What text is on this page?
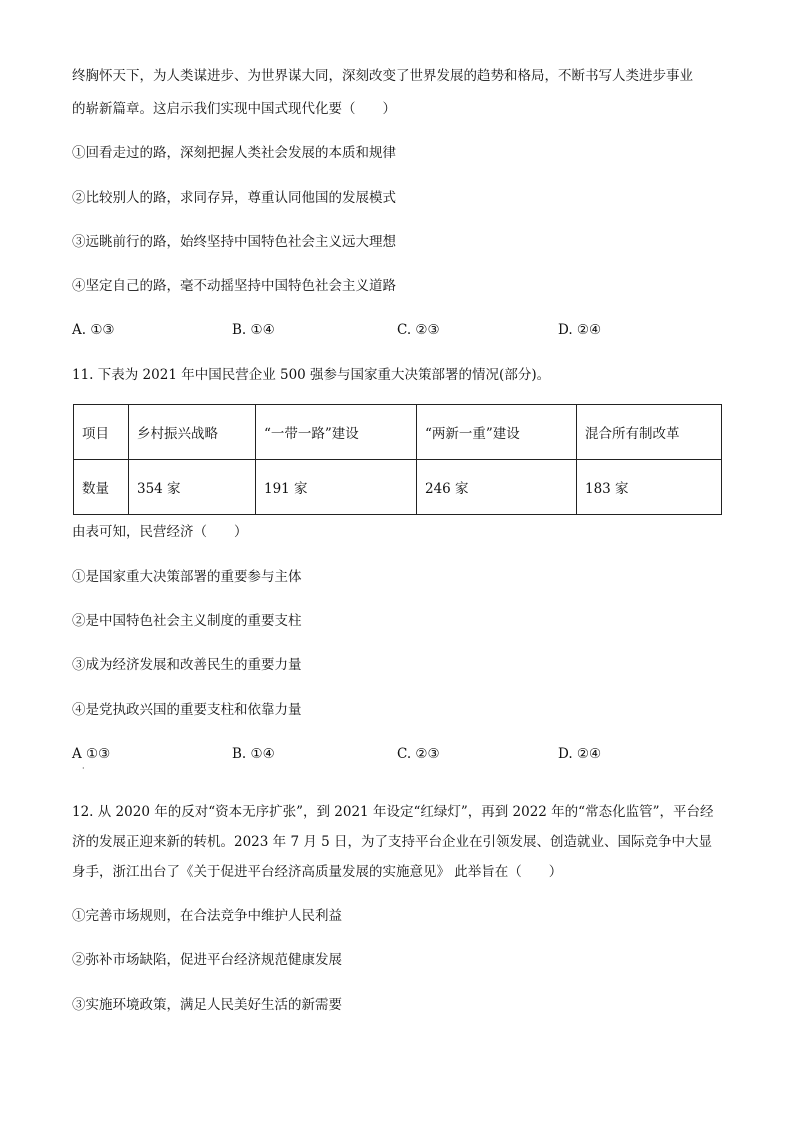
终胸怀天下，为人类谋进步、为世界谋大同，深刻改变了世界发展的趋势和格局，不断书写人类进步事业
的崭新篇章。这启示我们实现中国式现代化要（　　）
①回看走过的路，深刻把握人类社会发展的本质和规律
②比较别人的路，求同存异，尊重认同他国的发展模式
③远眺前行的路，始终坚持中国特色社会主义远大理想
④坚定自己的路，毫不动摇坚持中国特色社会主义道路
A. ①③	B. ①④	C. ②③	D. ②④
11. 下表为 2021 年中国民营企业 500 强参与国家重大决策部署的情况(部分)。
项目	乡村振兴战略	“一带一路”建设	“两新一重”建设	混合所有制改革
数量	354 家	191 家	246 家	183 家
由表可知，民营经济（　　）
①是国家重大决策部署的重要参与主体
②是中国特色社会主义制度的重要支柱
③成为经济发展和改善民生的重要力量
④是党执政兴国的重要支柱和依靠力量
A ①③	B. ①④	C. ②③	D. ②④
·
12. 从 2020 年的反对“资本无序扩张”，到 2021 年设定“红绿灯”，再到 2022 年的“常态化监管”，平台经
济的发展正迎来新的转机。2023 年 7 月 5 日，为了支持平台企业在引领发展、创造就业、国际竞争中大显
身手，浙江出台了《关于促进平台经济高质量发展的实施意见》 此举旨在（　　）
①完善市场规则，在合法竞争中维护人民利益
②弥补市场缺陷，促进平台经济规范健康发展
③实施环境政策，满足人民美好生活的新需要
